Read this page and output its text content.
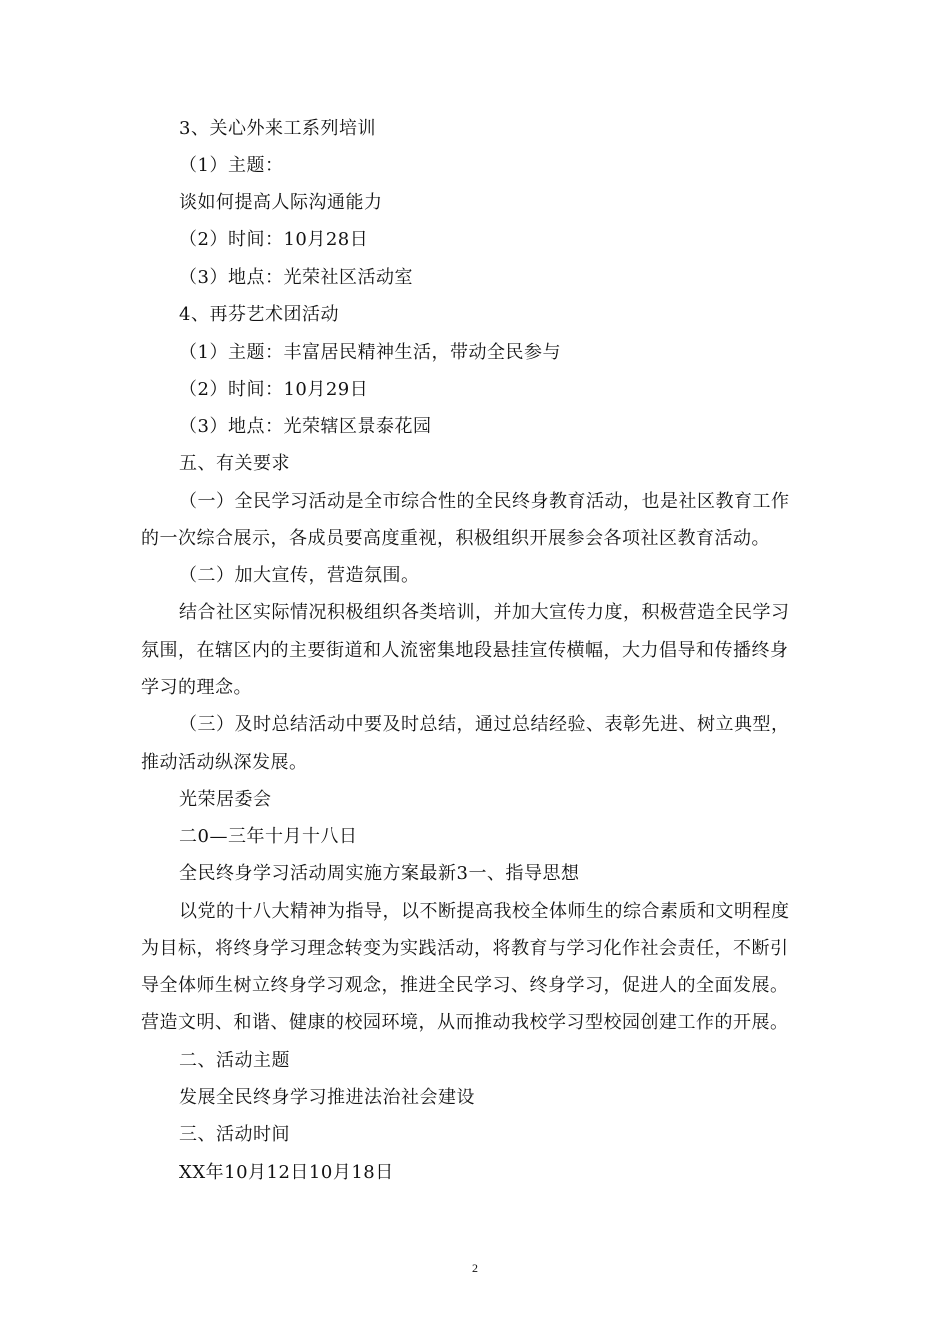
3、关心外来工系列培训
（1）主题：
谈如何提高人际沟通能力
（2）时间：10月28日
（3）地点：光荣社区活动室
4、再芬艺术团活动
（1）主题：丰富居民精神生活，带动全民参与
（2）时间：10月29日
（3）地点：光荣辖区景泰花园
五、有关要求
（一）全民学习活动是全市综合性的全民终身教育活动，也是社区教育工作
的一次综合展示，各成员要高度重视，积极组织开展参会各项社区教育活动。
（二）加大宣传，营造氛围。
结合社区实际情况积极组织各类培训，并加大宣传力度，积极营造全民学习
氛围，在辖区内的主要街道和人流密集地段悬挂宣传横幅，大力倡导和传播终身
学习的理念。
（三）及时总结活动中要及时总结，通过总结经验、表彰先进、树立典型，
推动活动纵深发展。
光荣居委会
二0—三年十月十八日
全民终身学习活动周实施方案最新3一、指导思想
以党的十八大精神为指导，以不断提高我校全体师生的综合素质和文明程度
为目标，将终身学习理念转变为实践活动，将教育与学习化作社会责任，不断引
导全体师生树立终身学习观念，推进全民学习、终身学习，促进人的全面发展。
营造文明、和谐、健康的校园环境，从而推动我校学习型校园创建工作的开展。
二、活动主题
发展全民终身学习推进法治社会建设
三、活动时间
XX年10月12日10月18日
2
